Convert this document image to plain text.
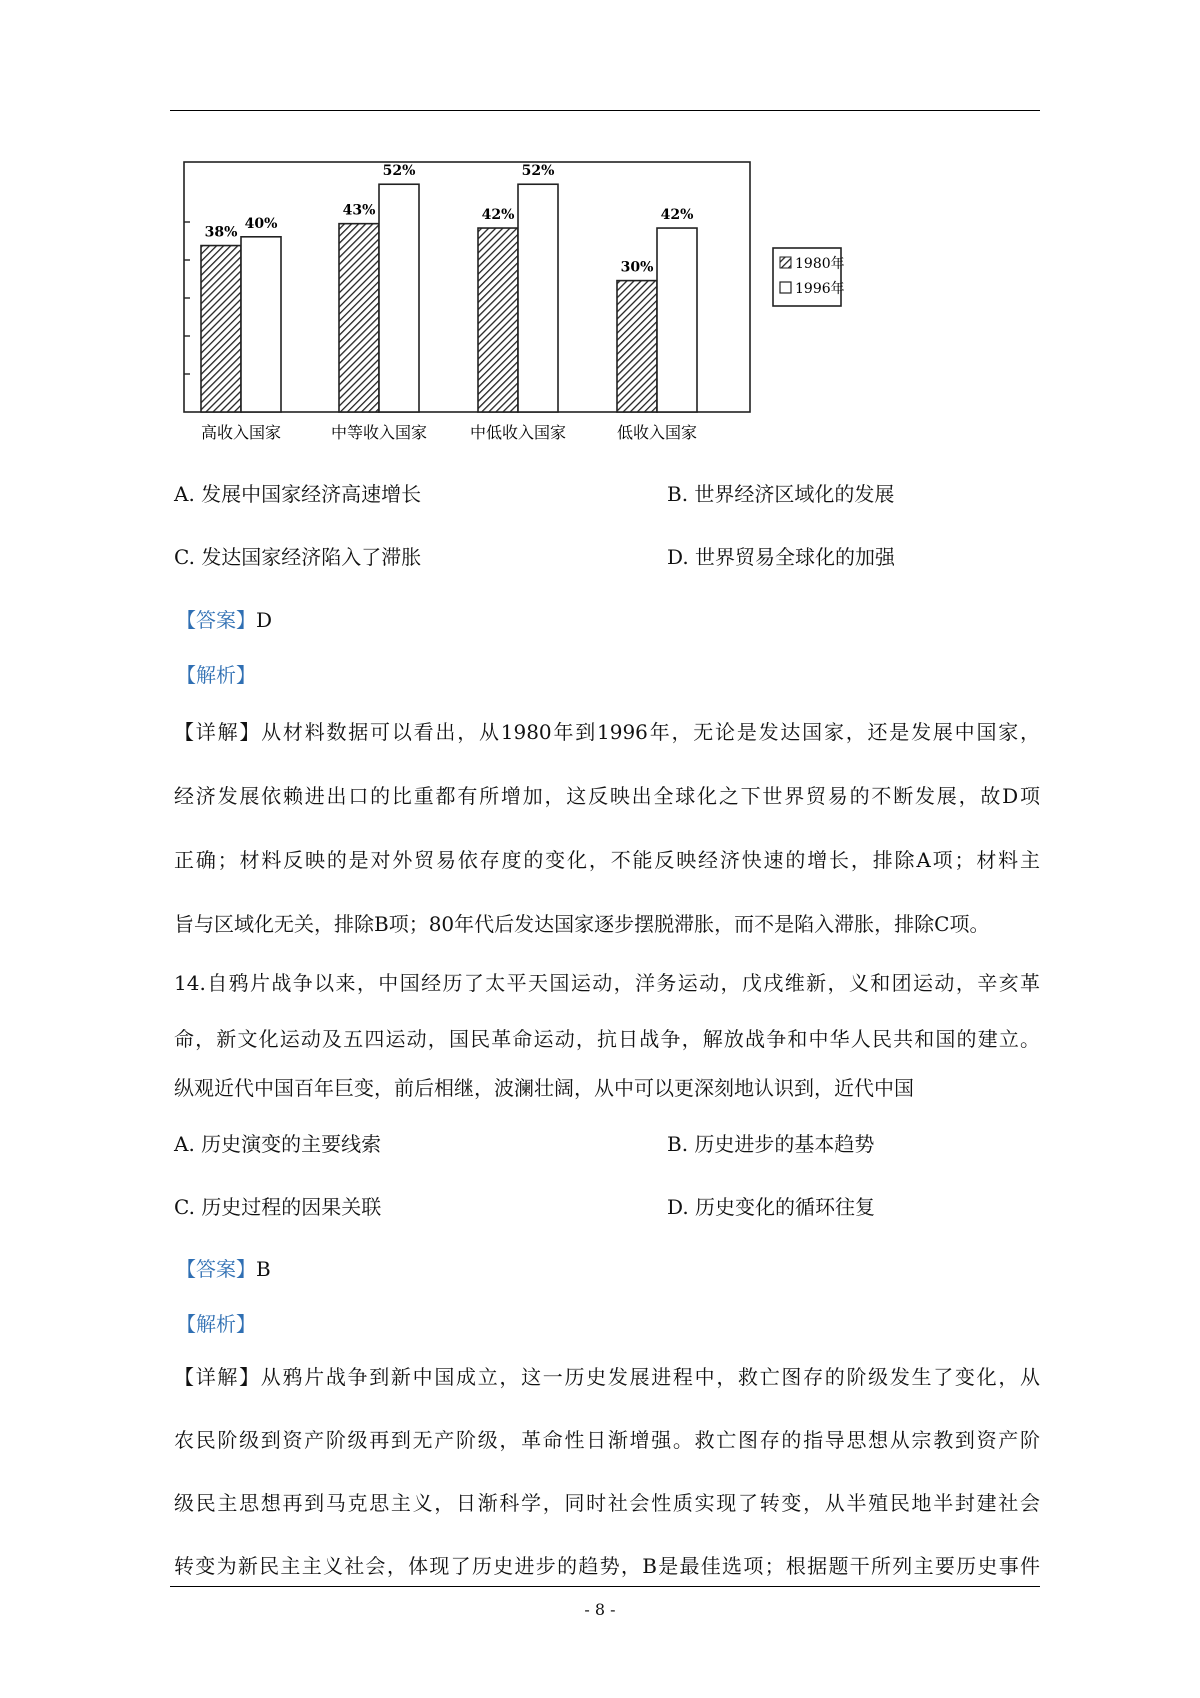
38%
40%
43%
52%
42%
52%
30%
42%
高收入国家	中等收入国家	中低收入国家	低收入国家
1980年
1996年
A. 发展中国家经济高速增长	B. 世界经济区域化的发展
C. 发达国家经济陷入了滞胀	D. 世界贸易全球化的加强
【答案】D
【解析】
【详解】从材料数据可以看出，从1980年到1996年，无论是发达国家，还是发展中国家，
经济发展依赖进出口的比重都有所增加，这反映出全球化之下世界贸易的不断发展，故D项
正确；材料反映的是对外贸易依存度的变化，不能反映经济快速的增长，排除A项；材料主
旨与区域化无关，排除B项；80年代后发达国家逐步摆脱滞胀，而不是陷入滞胀，排除C项。
14.自鸦片战争以来，中国经历了太平天国运动，洋务运动，戊戌维新，义和团运动，辛亥革
命，新文化运动及五四运动，国民革命运动，抗日战争，解放战争和中华人民共和国的建立。
纵观近代中国百年巨变，前后相继，波澜壮阔，从中可以更深刻地认识到，近代中国
A. 历史演变的主要线索	B. 历史进步的基本趋势
C. 历史过程的因果关联	D. 历史变化的循环往复
【答案】B
【解析】
【详解】从鸦片战争到新中国成立，这一历史发展进程中，救亡图存的阶级发生了变化，从
农民阶级到资产阶级再到无产阶级，革命性日渐增强。救亡图存的指导思想从宗教到资产阶
级民主思想再到马克思主义，日渐科学，同时社会性质实现了转变，从半殖民地半封建社会
转变为新民主主义社会，体现了历史进步的趋势，B是最佳选项；根据题干所列主要历史事件
- 8 -
